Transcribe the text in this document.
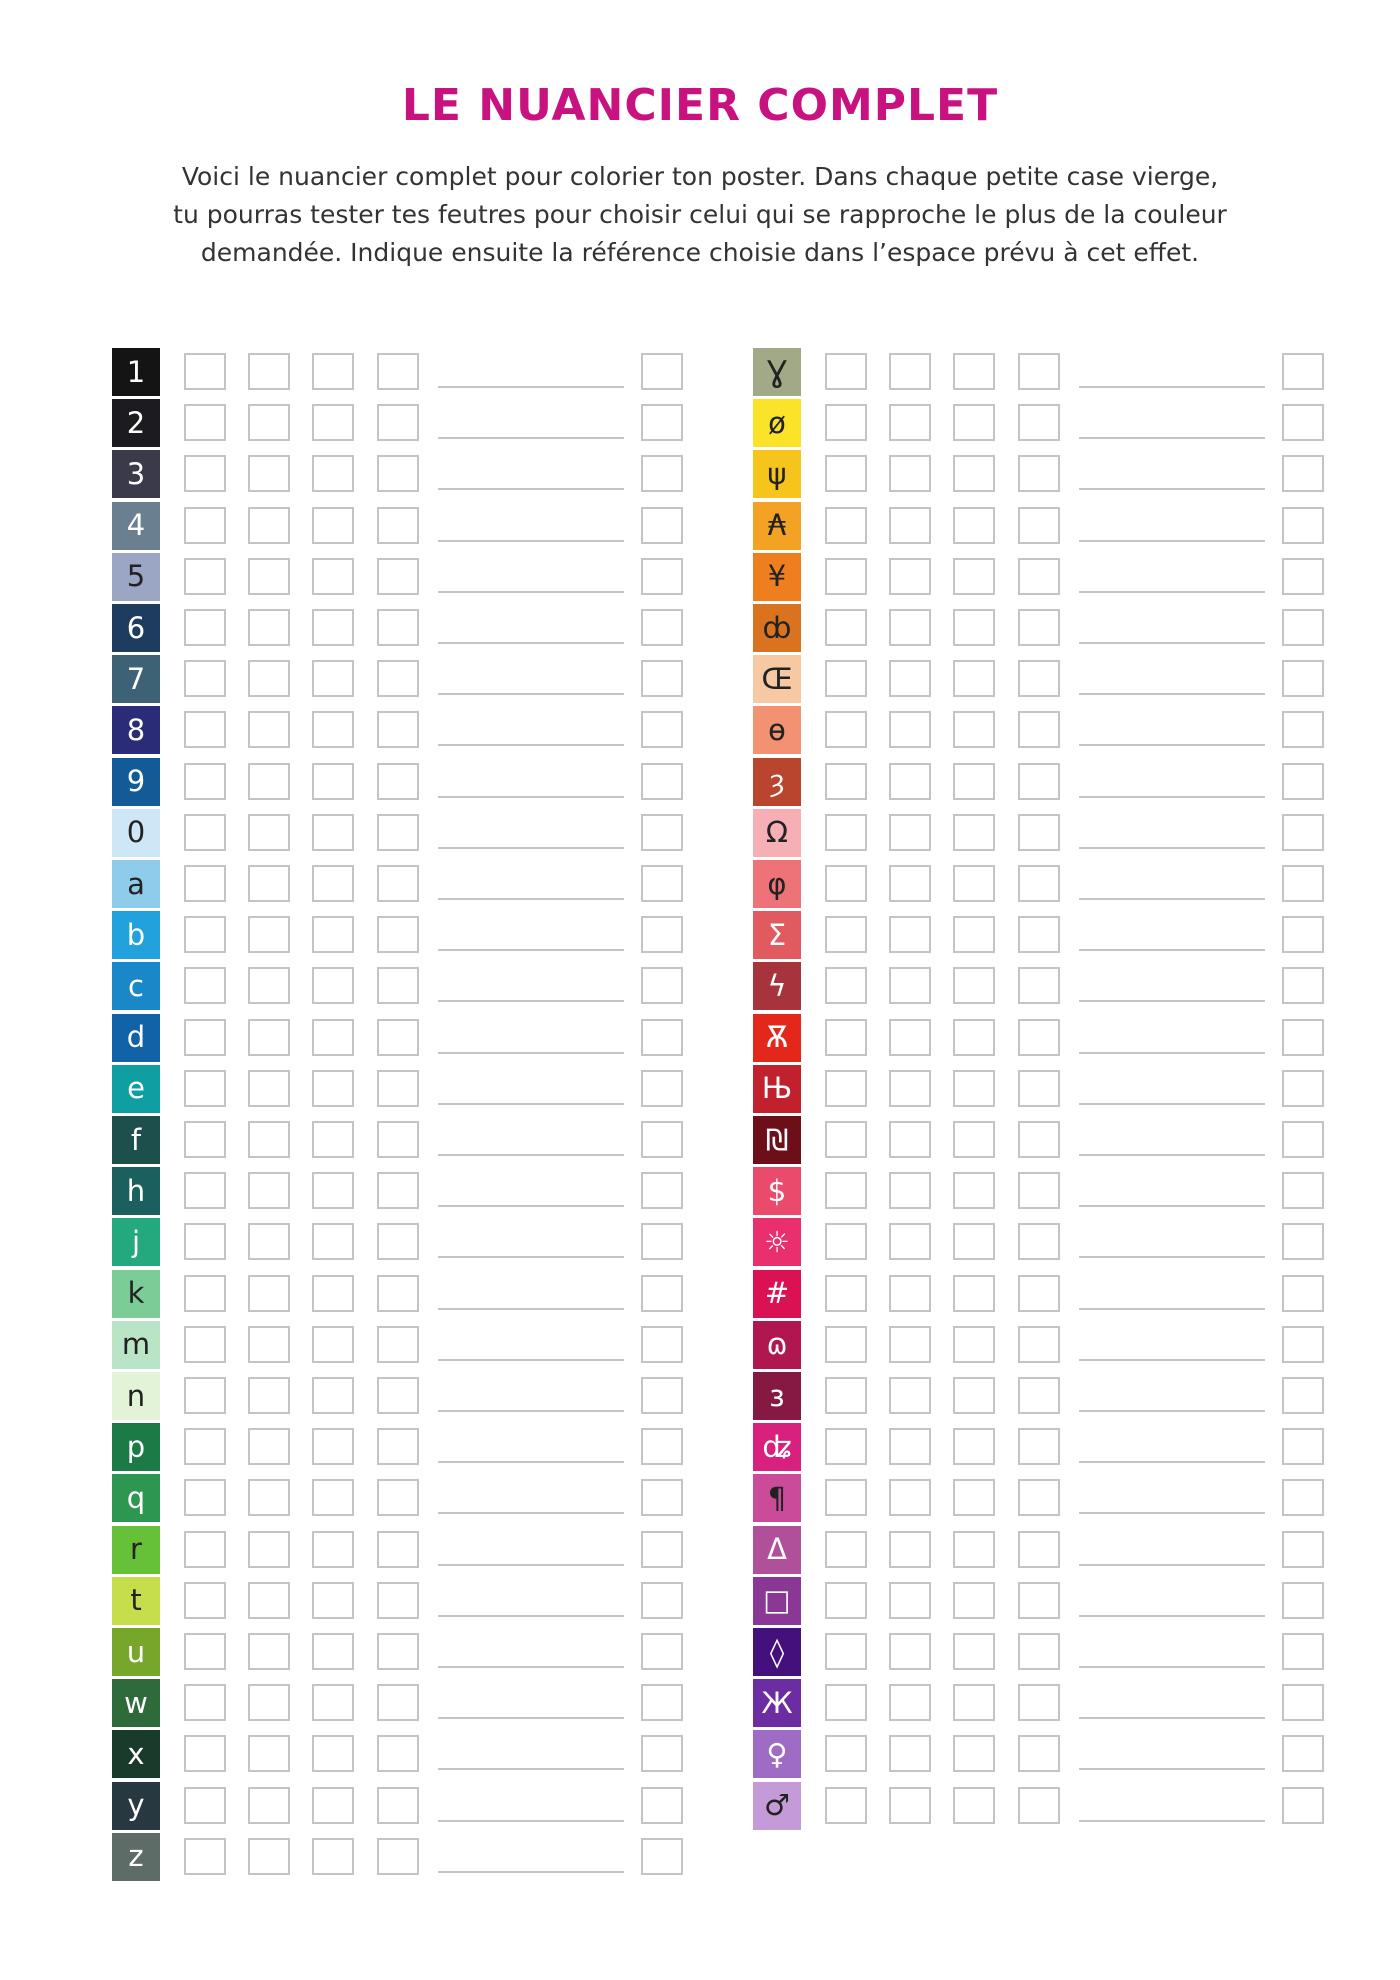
LE NUANCIER COMPLET

Voici le nuancier complet pour colorier ton poster. Dans chaque petite case vierge,
tu pourras tester tes feutres pour choisir celui qui se rapproche le plus de la couleur
demandée. Indique ensuite la référence choisie dans l’espace prévu à cet effet.

1
2
3
4
5
6
7
8
9
0
a
b
c
d
e
f
h
j
k
m
n
p
q
r
t
u
w
x
y
z
Ɣ
ø
ψ
₳
¥
ȸ
Œ
ɵ
ȝ
Ω
φ
Σ
ϟ
Ѫ
Њ
₪
$
☼
#
ɷ
ɜ
ʥ
¶
Δ
□
◊
Ж
♀
♂
